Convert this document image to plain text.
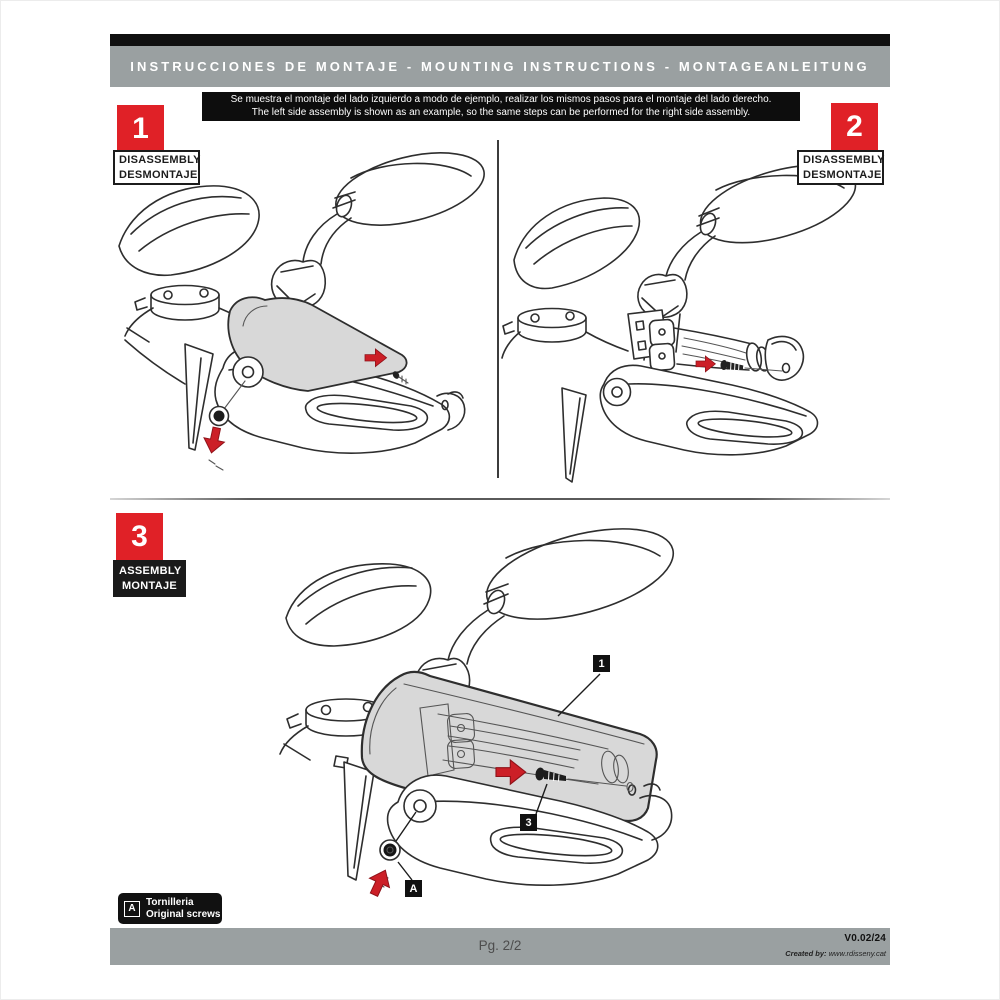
INSTRUCCIONES DE MONTAJE - MOUNTING INSTRUCTIONS - MONTAGEANLEITUNG
Se muestra el montaje del lado izquierdo a modo de ejemplo, realizar los mismos pasos para el montaje del lado derecho.
The left side assembly is shown as an example, so the same steps can be performed for the right side assembly.
1
DISASSEMBLY
DESMONTAJE
2
DISASSEMBLY
DESMONTAJE
3
ASSEMBLY
MONTAJE
1
3
A
A
Tornilleria
Original screws
Pg. 2/2	V0.02/24
Created by: www.rdisseny.cat
